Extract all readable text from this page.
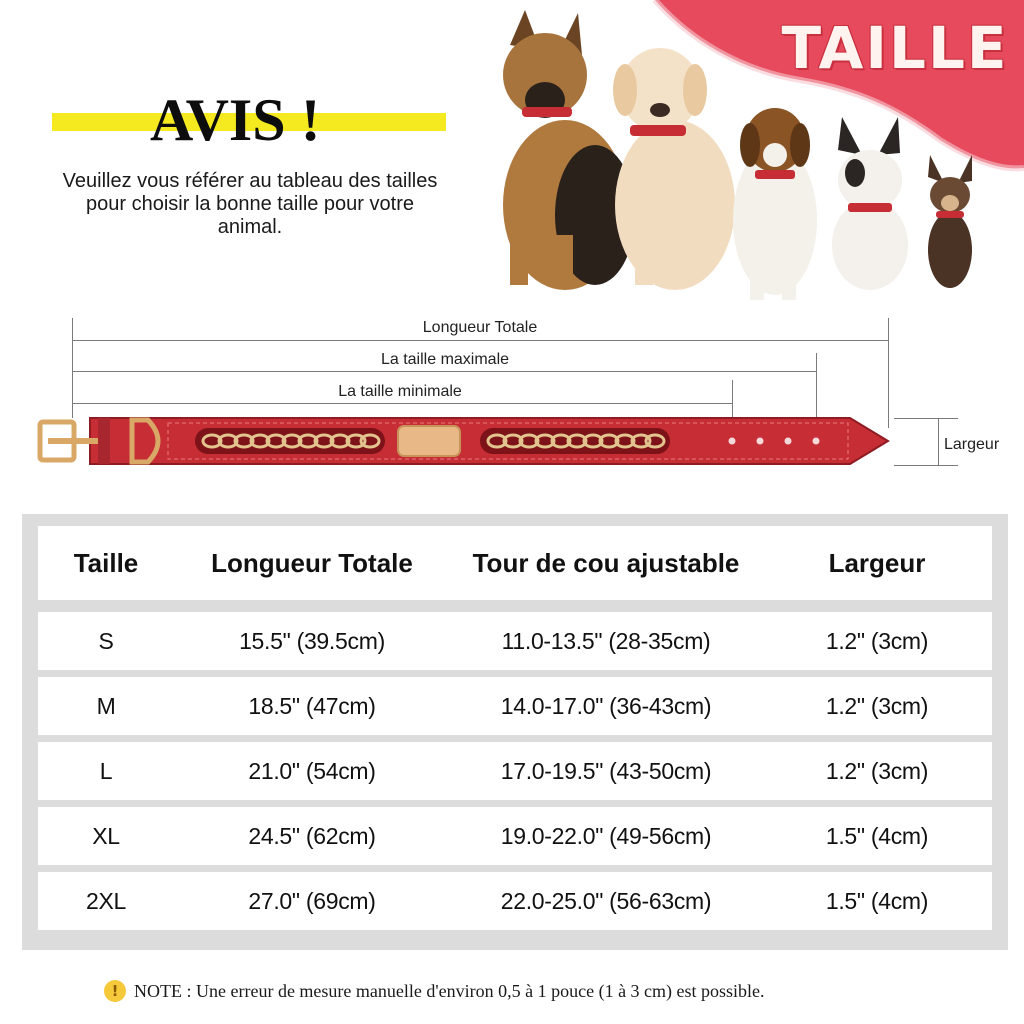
TAILLE
AVIS !
Veuillez vous référer au tableau des tailles pour choisir la bonne taille pour votre animal.
Longueur Totale
La taille maximale
La taille minimale
Largeur
Taille	Longueur Totale	Tour de cou ajustable	Largeur
S	15.5" (39.5cm)	11.0-13.5" (28-35cm)	1.2" (3cm)
M	18.5" (47cm)	14.0-17.0" (36-43cm)	1.2" (3cm)
L	21.0" (54cm)	17.0-19.5" (43-50cm)	1.2" (3cm)
XL	24.5" (62cm)	19.0-22.0" (49-56cm)	1.5" (4cm)
2XL	27.0" (69cm)	22.0-25.0" (56-63cm)	1.5" (4cm)
! NOTE : Une erreur de mesure manuelle d'environ 0,5 à 1 pouce (1 à 3 cm) est possible.
